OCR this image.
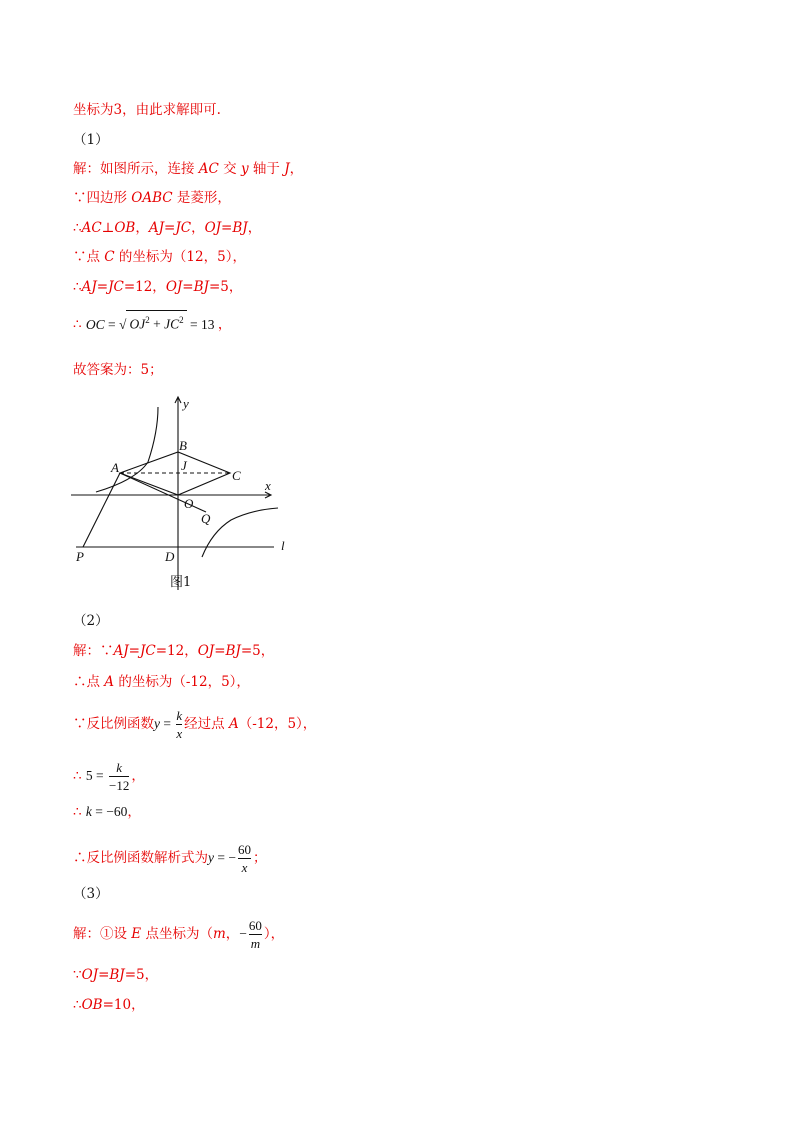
坐标为3，由此求解即可.
（1）
解：如图所示，连接 AC 交 y 轴于 J，
∵四边形 OABC 是菱形，
∴AC⊥OB，AJ=JC，OJ=BJ，
∵点 C 的坐标为（12，5），
∴AJ=JC=12，OJ=BJ=5，
∴ OC = √ $OJ^2 + JC^2 = 13$ ，
故答案为：5；
y
x
B
J
A
C
O
Q
P	D
l
图1
（2）
解：∵AJ=JC=12，OJ=BJ=5，
∴点 A 的坐标为（-12，5），
∵反比例函数$y = \frac{k}{x}$ 经过点 A（-12，5），
∴ $5 = \frac{k}{-12}$ ，
∴ k = −60，
∴反比例函数解析式为y = − $\frac{60}{x}$ ；
（3）
解：①设 E 点坐标为（m，− $\frac{60}{m}$ ），
∵OJ=BJ=5，
∴OB=10，
